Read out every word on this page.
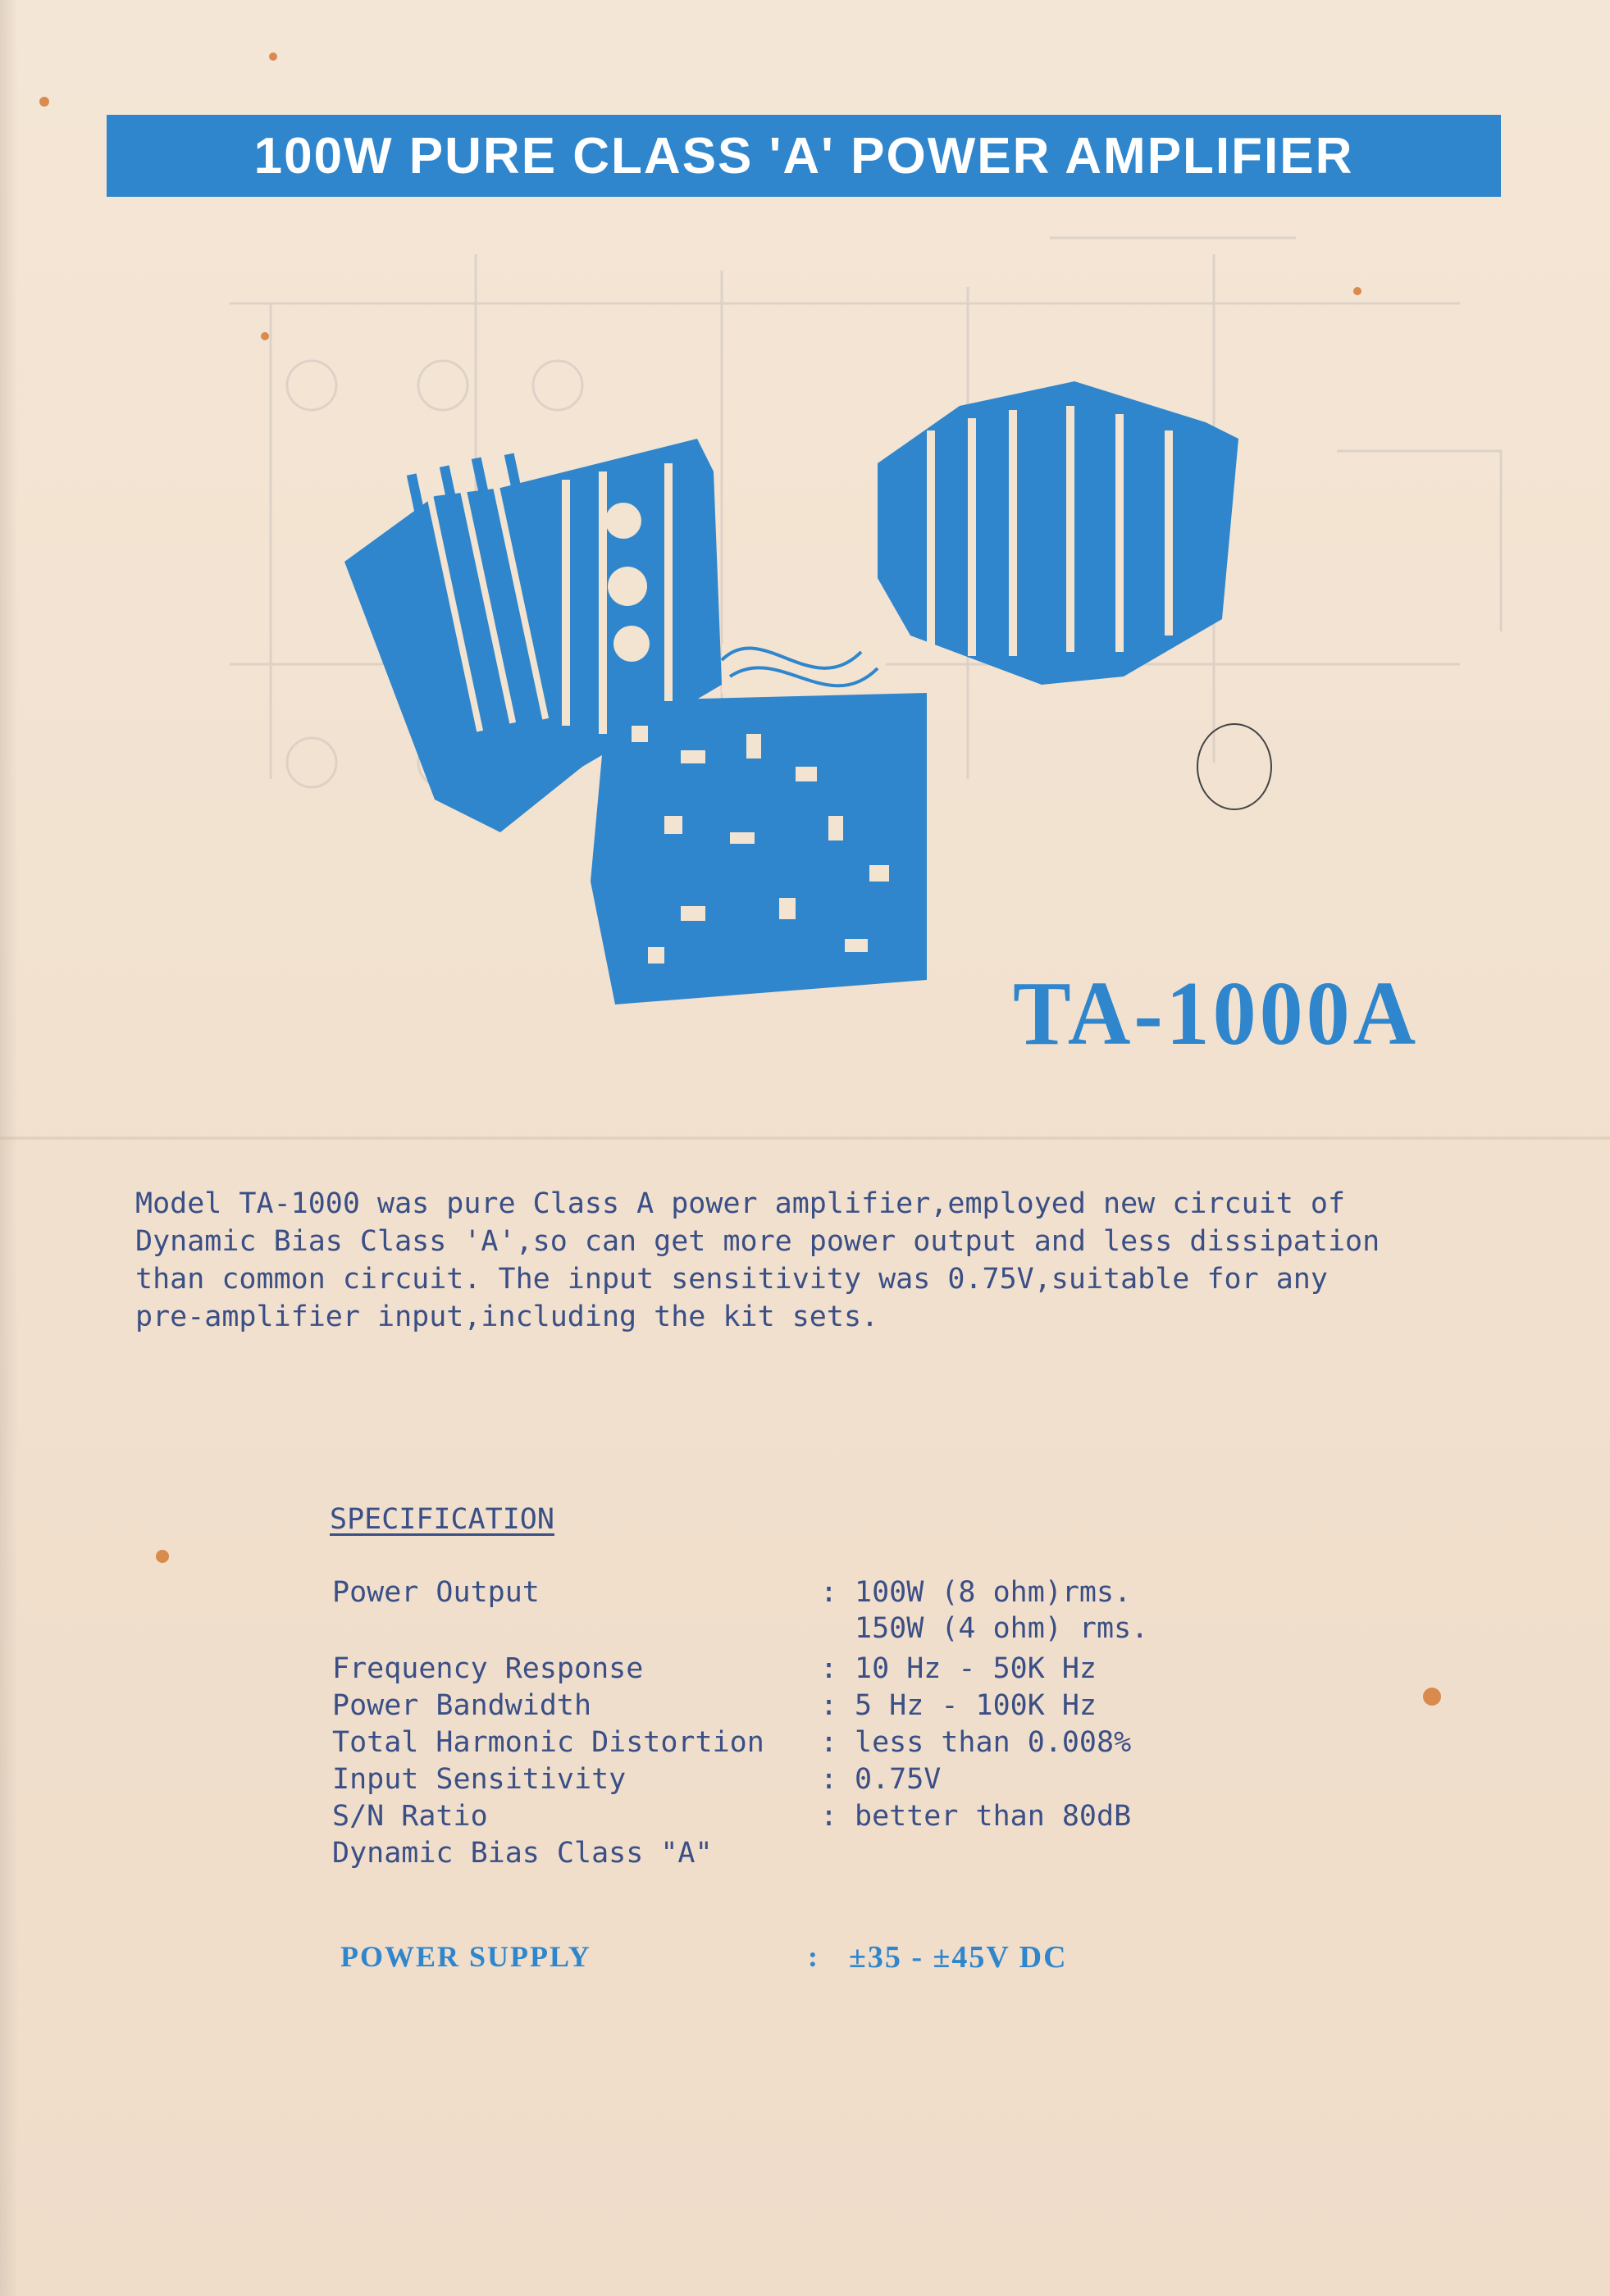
100W PURE CLASS 'A' POWER AMPLIFIER
TA-1000A
Model TA-1000 was pure Class A power amplifier,employed new circuit of
Dynamic Bias Class 'A',so can get more power output and less dissipation
than common circuit. The input sensitivity was 0.75V,suitable for any
pre-amplifier input,including the kit sets.
SPECIFICATION
Power Output	: 100W (8 ohm)rms.
150W (4 ohm) rms.
Frequency Response	: 10 Hz - 50K Hz
Power Bandwidth	: 5 Hz - 100K Hz
Total Harmonic Distortion : less than 0.008%
Input Sensitivity	: 0.75V
S/N Ratio	: better than 80dB
Dynamic Bias Class "A"
POWER SUPPLY	: ±35 - ±45V DC
